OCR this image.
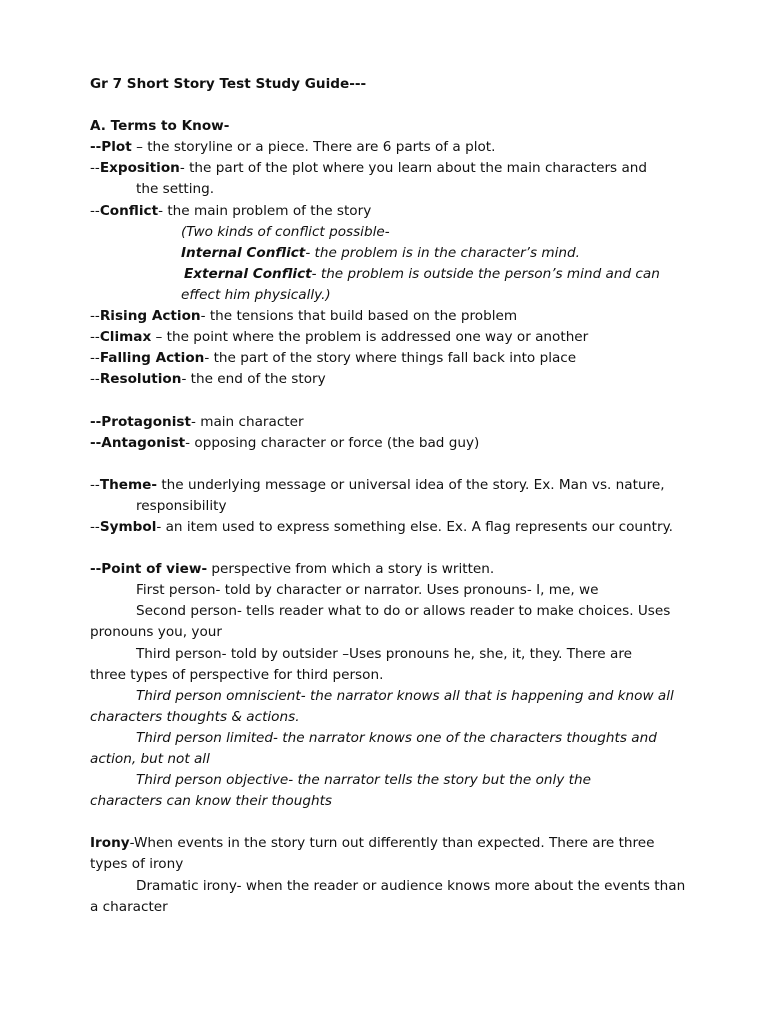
Gr 7 Short Story Test Study Guide---
A. Terms to Know-
--Plot – the storyline or a piece. There are 6 parts of a plot.
--Exposition- the part of the plot where you learn about the main characters and
the setting.
--Conflict- the main problem of the story
(Two kinds of conflict possible-
Internal Conflict- the problem is in the character’s mind.
External Conflict- the problem is outside the person’s mind and can
effect him physically.)
--Rising Action- the tensions that build based on the problem
--Climax – the point where the problem is addressed one way or another
--Falling Action- the part of the story where things fall back into place
--Resolution- the end of the story
--Protagonist- main character
--Antagonist- opposing character or force (the bad guy)
--Theme- the underlying message or universal idea of the story. Ex. Man vs. nature,
responsibility
--Symbol- an item used to express something else. Ex. A flag represents our country.
--Point of view- perspective from which a story is written.
First person- told by character or narrator. Uses pronouns- I, me, we
Second person- tells reader what to do or allows reader to make choices. Uses
pronouns you, your
Third person- told by outsider –Uses pronouns he, she, it, they. There are
three types of perspective for third person.
Third person omniscient- the narrator knows all that is happening and know all
characters thoughts & actions.
Third person limited- the narrator knows one of the characters thoughts and
action, but not all
Third person objective- the narrator tells the story but the only the
characters can know their thoughts
Irony-When events in the story turn out differently than expected. There are three
types of irony
Dramatic irony- when the reader or audience knows more about the events than
a character
